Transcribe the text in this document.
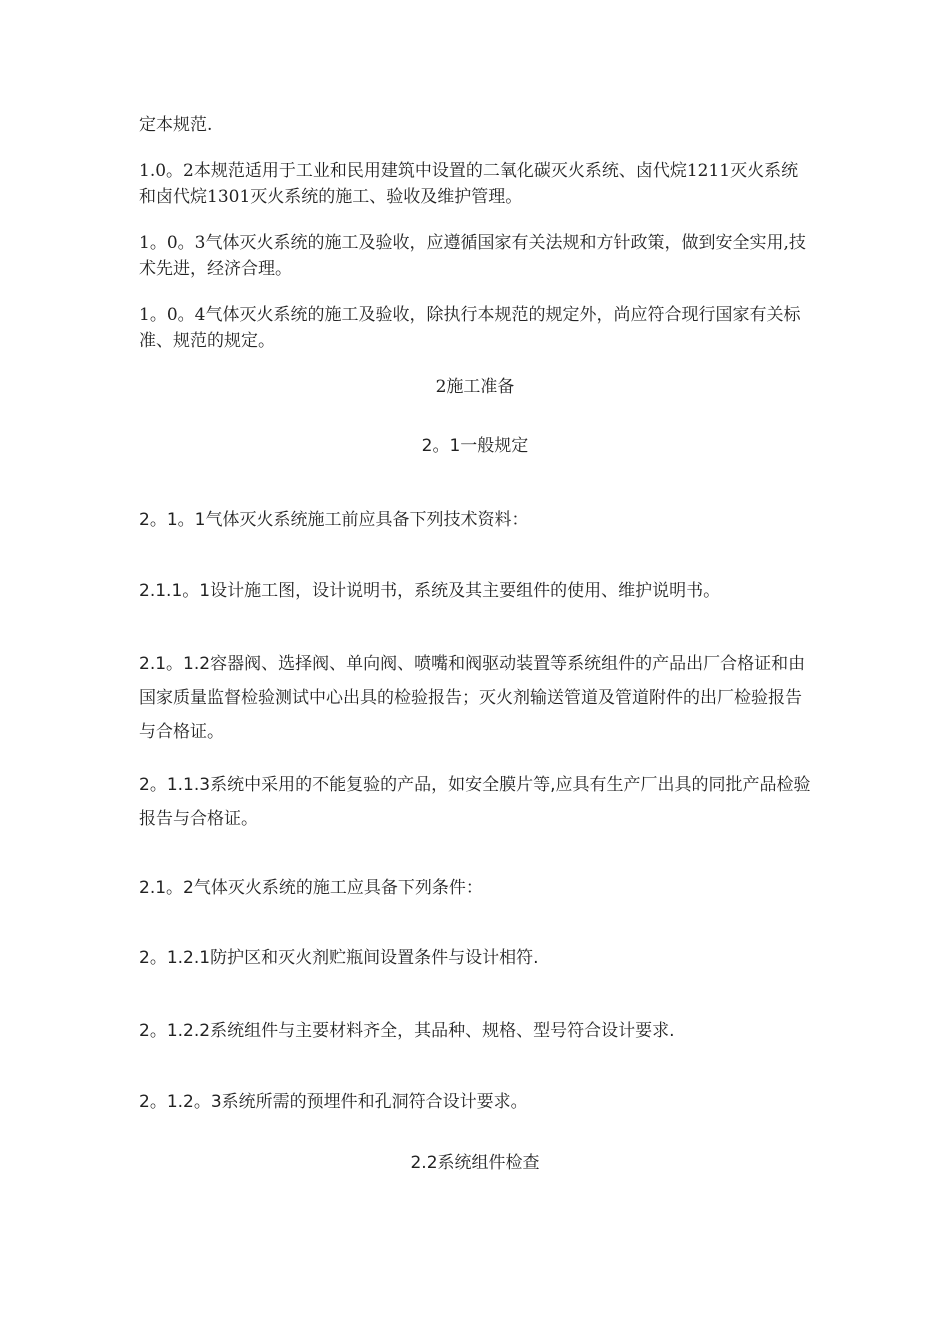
定本规范.
1.0。2本规范适用于工业和民用建筑中设置的二氧化碳灭火系统、卤代烷1211灭火系统和卤代烷1301灭火系统的施工、验收及维护管理。
1。0。3气体灭火系统的施工及验收，应遵循国家有关法规和方针政策，做到安全实用,技术先进，经济合理。
1。0。4气体灭火系统的施工及验收，除执行本规范的规定外，尚应符合现行国家有关标准、规范的规定。
2施工准备
2。1一般规定
2。1。1气体灭火系统施工前应具备下列技术资料：
2.1.1。1设计施工图，设计说明书，系统及其主要组件的使用、维护说明书。
2.1。1.2容器阀、选择阀、单向阀、喷嘴和阀驱动装置等系统组件的产品出厂合格证和由国家质量监督检验测试中心出具的检验报告；灭火剂输送管道及管道附件的出厂检验报告与合格证。
2。1.1.3系统中采用的不能复验的产品，如安全膜片等,应具有生产厂出具的同批产品检验报告与合格证。
2.1。2气体灭火系统的施工应具备下列条件：
2。1.2.1防护区和灭火剂贮瓶间设置条件与设计相符.
2。1.2.2系统组件与主要材料齐全，其品种、规格、型号符合设计要求.
2。1.2。3系统所需的预埋件和孔洞符合设计要求。
2.2系统组件检查
